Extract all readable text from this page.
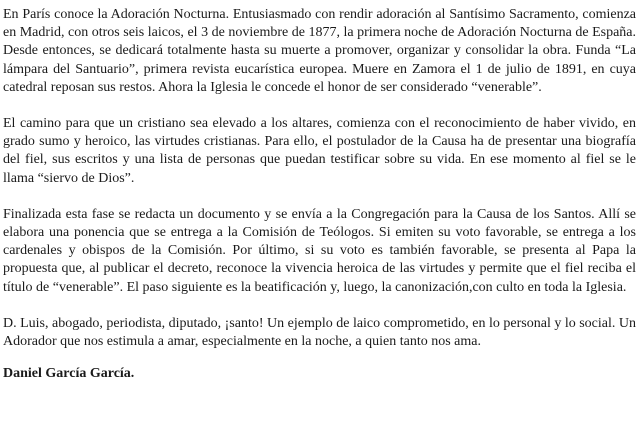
En París conoce la Adoración Nocturna. Entusiasmado con rendir adoración al Santísimo Sacramento, comienza en Madrid, con otros seis laicos, el 3 de noviembre de 1877, la primera noche de Adoración Nocturna de España. Desde entonces, se dedicará totalmente hasta su muerte a promover, organizar y consolidar la obra. Funda “La lámpara del Santuario”, primera revista eucarística europea. Muere en Zamora el 1 de julio de 1891, en cuya catedral reposan sus restos. Ahora la Iglesia le concede el honor de ser considerado “venerable”.

El camino para que un cristiano sea elevado a los altares, comienza con el reconocimiento de haber vivido, en grado sumo y heroico, las virtudes cristianas. Para ello, el postulador de la Causa ha de presentar una biografía del fiel, sus escritos y una lista de personas que puedan testificar sobre su vida. En ese momento al fiel se le llama “siervo de Dios”.

Finalizada esta fase se redacta un documento y se envía a la Congregación para la Causa de los Santos. Allí se elabora una ponencia que se entrega a la Comisión de Teólogos. Si emiten su voto favorable, se entrega a los cardenales y obispos de la Comisión. Por último, si su voto es también favorable, se presenta al Papa la propuesta que, al publicar el decreto, reconoce la vivencia heroica de las virtudes y permite que el fiel reciba el título de “venerable”. El paso siguiente es la beatificación y, luego, la canonización,con culto en toda la Iglesia.

D. Luis, abogado, periodista, diputado, ¡santo! Un ejemplo de laico comprometido, en lo personal y lo social. Un Adorador que nos estimula a amar, especialmente en la noche, a quien tanto nos ama.

Daniel García García.
